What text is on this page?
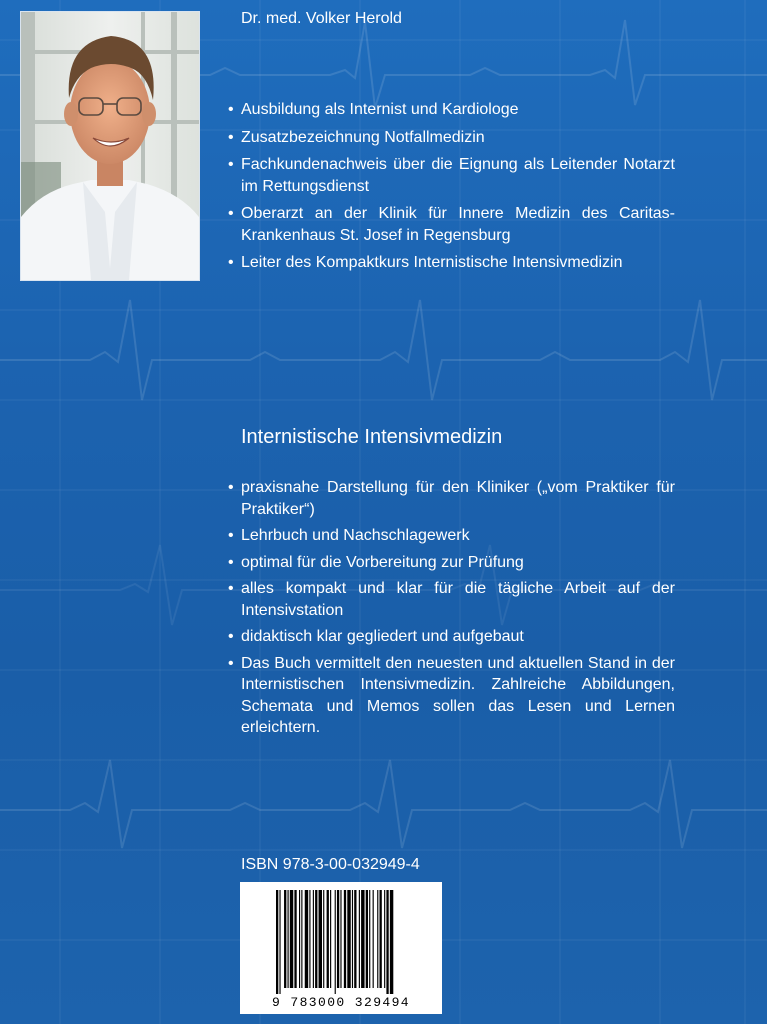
Dr. med. Volker Herold
• Ausbildung als Internist und Kardiologe
• Zusatzbezeichnung Notfallmedizin
• Fachkundenachweis über die Eignung als Leitender Notarzt im Rettungsdienst
• Oberarzt an der Klinik für Innere Medizin des Caritas-Krankenhaus St. Josef in Regensburg
• Leiter des Kompaktkurs Internistische Intensivmedizin
Internistische Intensivmedizin
• praxisnahe Darstellung für den Kliniker („vom Praktiker für Praktiker“)
• Lehrbuch und Nachschlagewerk
• optimal für die Vorbereitung zur Prüfung
• alles kompakt und klar für die tägliche Arbeit auf der Intensivstation
• didaktisch klar gegliedert und aufgebaut
• Das Buch vermittelt den neuesten und aktuellen Stand in der Internistischen Intensivmedizin. Zahlreiche Abbildungen, Schemata und Memos sollen das Lesen und Lernen erleichtern.
ISBN 978-3-00-032949-4
9 783000 329494
